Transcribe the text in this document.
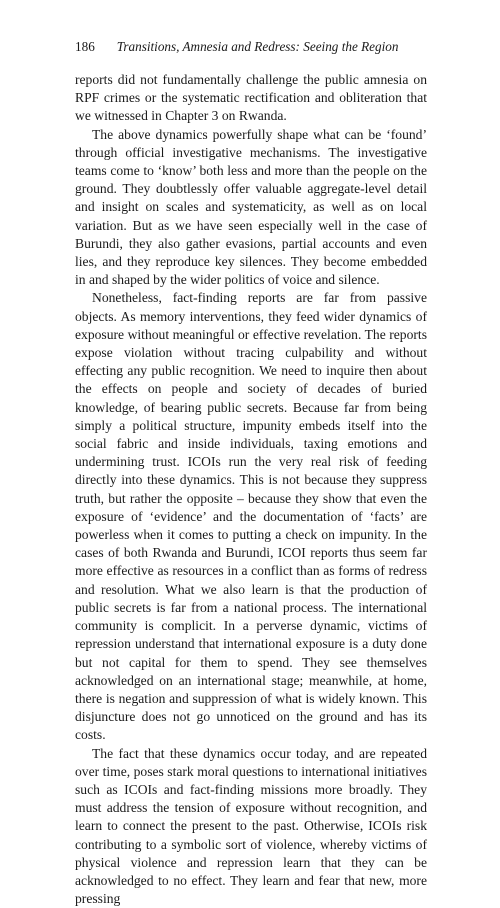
186 Transitions, Amnesia and Redress: Seeing the Region

reports did not fundamentally challenge the public amnesia on RPF crimes or the systematic rectification and obliteration that we witnessed in Chapter 3 on Rwanda.

The above dynamics powerfully shape what can be ‘found’ through official investigative mechanisms. The investigative teams come to ‘know’ both less and more than the people on the ground. They doubtlessly offer valuable aggregate-level detail and insight on scales and systematicity, as well as on local variation. But as we have seen especially well in the case of Burundi, they also gather evasions, partial accounts and even lies, and they reproduce key silences. They become embedded in and shaped by the wider politics of voice and silence.

Nonetheless, fact-finding reports are far from passive objects. As memory interventions, they feed wider dynamics of exposure without meaningful or effective revelation. The reports expose violation without tracing culpability and without effecting any public recognition. We need to inquire then about the effects on people and society of decades of buried knowledge, of bearing public secrets. Because far from being simply a political structure, impunity embeds itself into the social fabric and inside individuals, taxing emotions and undermining trust. ICOIs run the very real risk of feeding directly into these dynamics. This is not because they suppress truth, but rather the opposite – because they show that even the exposure of ‘evidence’ and the documentation of ‘facts’ are powerless when it comes to putting a check on impunity. In the cases of both Rwanda and Burundi, ICOI reports thus seem far more effective as resources in a conflict than as forms of redress and resolution. What we also learn is that the production of public secrets is far from a national process. The international community is complicit. In a perverse dynamic, victims of repression understand that international exposure is a duty done but not capital for them to spend. They see themselves acknowledged on an international stage; meanwhile, at home, there is negation and suppression of what is widely known. This disjuncture does not go unnoticed on the ground and has its costs.

The fact that these dynamics occur today, and are repeated over time, poses stark moral questions to international initiatives such as ICOIs and fact-finding missions more broadly. They must address the tension of exposure without recognition, and learn to connect the present to the past. Otherwise, ICOIs risk contributing to a symbolic sort of violence, whereby victims of physical violence and repression learn that they can be acknowledged to no effect. They learn and fear that new, more pressing
